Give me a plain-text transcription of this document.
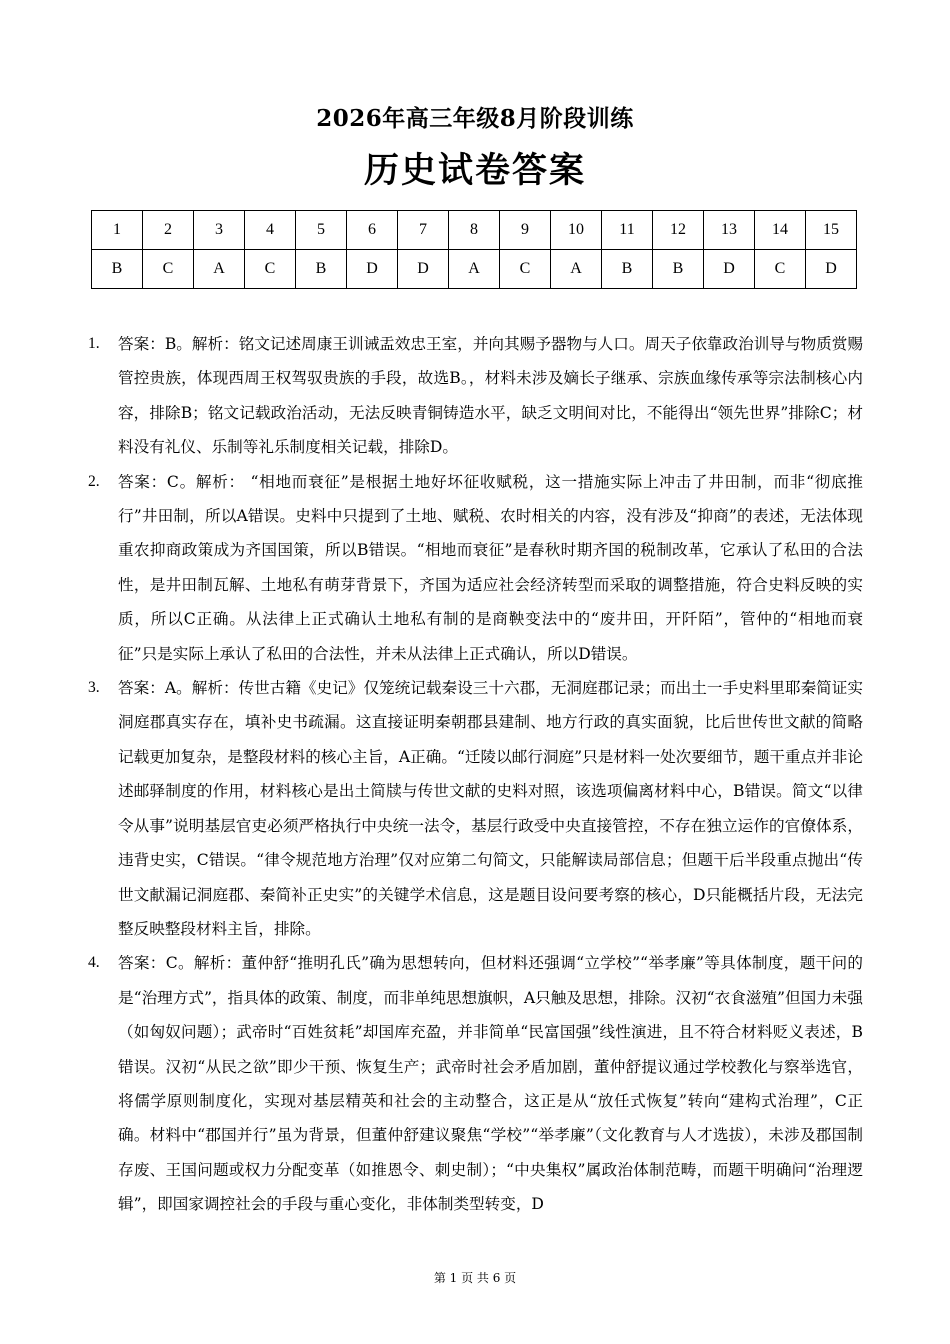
2026年高三年级8月阶段训练
历史试卷答案
1	2	3	4	5	6	7	8	9	10	11	12	13	14	15
B	C	A	C	B	D	D	A	C	A	B	B	D	C	D
1. 答案：B。解析：铭文记述周康王训诫盂效忠王室，并向其赐予器物与人口。周天子依靠政治训导与物质赏赐管控贵族，体现西周王权驾驭贵族的手段，故选B。，材料未涉及嫡长子继承、宗族血缘传承等宗法制核心内容，排除B；铭文记载政治活动，无法反映青铜铸造水平，缺乏文明间对比，不能得出“领先世界”排除C；材料没有礼仪、乐制等礼乐制度相关记载，排除D。
2. 答案：C。解析： “相地而衰征”是根据土地好坏征收赋税，这一措施实际上冲击了井田制，而非“彻底推行”井田制，所以A错误。史料中只提到了土地、赋税、农时相关的内容，没有涉及“抑商”的表述，无法体现重农抑商政策成为齐国国策，所以B错误。“相地而衰征”是春秋时期齐国的税制改革，它承认了私田的合法性，是井田制瓦解、土地私有萌芽背景下，齐国为适应社会经济转型而采取的调整措施，符合史料反映的实质，所以C正确。从法律上正式确认土地私有制的是商鞅变法中的“废井田，开阡陌”，管仲的“相地而衰征”只是实际上承认了私田的合法性，并未从法律上正式确认，所以D错误。
3. 答案：A。解析：传世古籍《史记》仅笼统记载秦设三十六郡，无洞庭郡记录；而出土一手史料里耶秦简证实洞庭郡真实存在，填补史书疏漏。这直接证明秦朝郡县建制、地方行政的真实面貌，比后世传世文献的简略记载更加复杂，是整段材料的核心主旨，A正确。“迁陵以邮行洞庭”只是材料一处次要细节，题干重点并非论述邮驿制度的作用，材料核心是出土简牍与传世文献的史料对照，该选项偏离材料中心，B错误。简文“以律令从事”说明基层官吏必须严格执行中央统一法令，基层行政受中央直接管控，不存在独立运作的官僚体系，违背史实，C错误。“律令规范地方治理”仅对应第二句简文，只能解读局部信息；但题干后半段重点抛出“传世文献漏记洞庭郡、秦简补正史实”的关键学术信息，这是题目设问要考察的核心，D只能概括片段，无法完整反映整段材料主旨，排除。
4. 答案：C。解析：董仲舒“推明孔氏”确为思想转向，但材料还强调“立学校”“举孝廉”等具体制度，题干问的是“治理方式”，指具体的政策、制度，而非单纯思想旗帜，A只触及思想，排除。汉初“衣食滋殖”但国力未强（如匈奴问题）；武帝时“百姓贫耗”却国库充盈，并非简单“民富国强”线性演进，且不符合材料贬义表述，B错误。汉初“从民之欲”即少干预、恢复生产；武帝时社会矛盾加剧，董仲舒提议通过学校教化与察举选官，将儒学原则制度化，实现对基层精英和社会的主动整合，这正是从“放任式恢复”转向“建构式治理”，C正确。材料中“郡国并行”虽为背景，但董仲舒建议聚焦“学校”“举孝廉”（文化教育与人才选拔），未涉及郡国制存废、王国问题或权力分配变革（如推恩令、刺史制）；“中央集权”属政治体制范畴，而题干明确问“治理逻辑”，即国家调控社会的手段与重心变化，非体制类型转变，D
第 1 页 共 6 页
